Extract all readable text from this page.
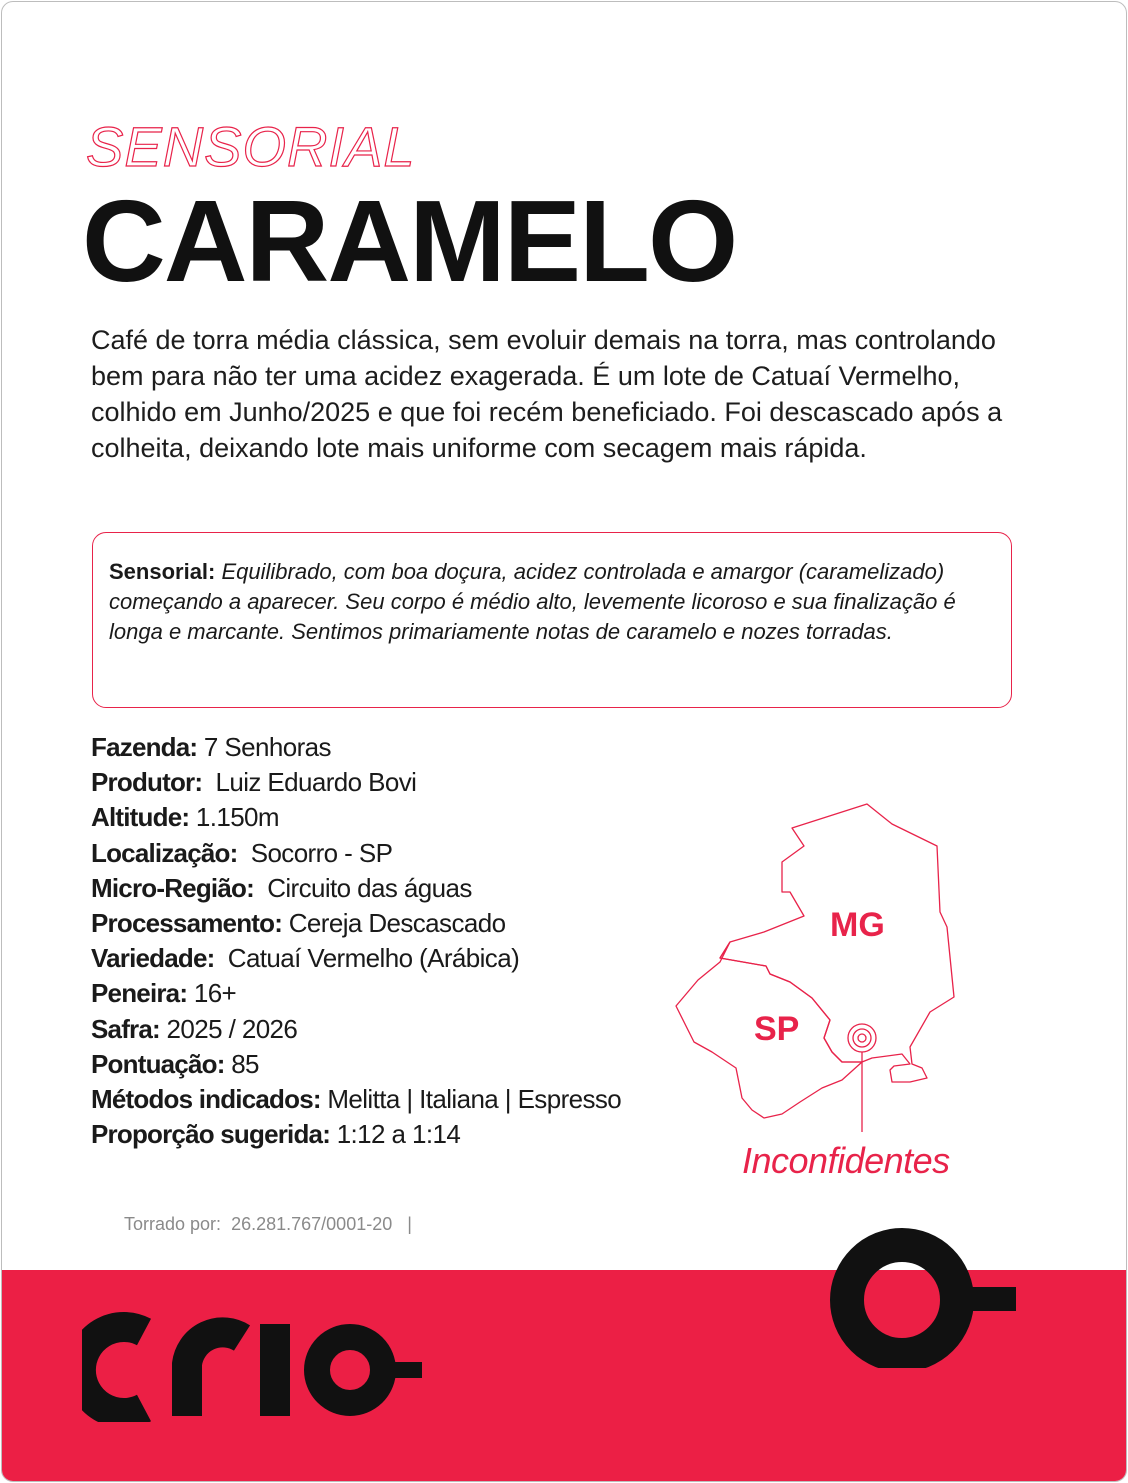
SENSORIAL
CARAMELO
Café de torra média clássica, sem evoluir demais na torra, mas controlando bem para não ter uma acidez exagerada. É um lote de Catuaí Vermelho, colhido em Junho/2025 e que foi recém beneficiado. Foi descascado após a colheita, deixando lote mais uniforme com secagem mais rápida.
Sensorial: Equilibrado, com boa doçura, acidez controlada e amargor (caramelizado) começando a aparecer. Seu corpo é médio alto, levemente licoroso e sua finalização é longa e marcante. Sentimos primariamente notas de caramelo e nozes torradas.
Fazenda: 7 Senhoras
Produtor:  Luiz Eduardo Bovi
Altitude: 1.150m
Localização:  Socorro - SP
Micro-Região:  Circuito das águas
Processamento: Cereja Descascado
Variedade:  Catuaí Vermelho (Arábica)
Peneira: 16+
Safra: 2025 / 2026
Pontuação: 85
Métodos indicados: Melitta | Italiana | Espresso
Proporção sugerida: 1:12 a 1:14
MG
SP
Inconfidentes
Torrado por: 26.281.767/0001-20 |
